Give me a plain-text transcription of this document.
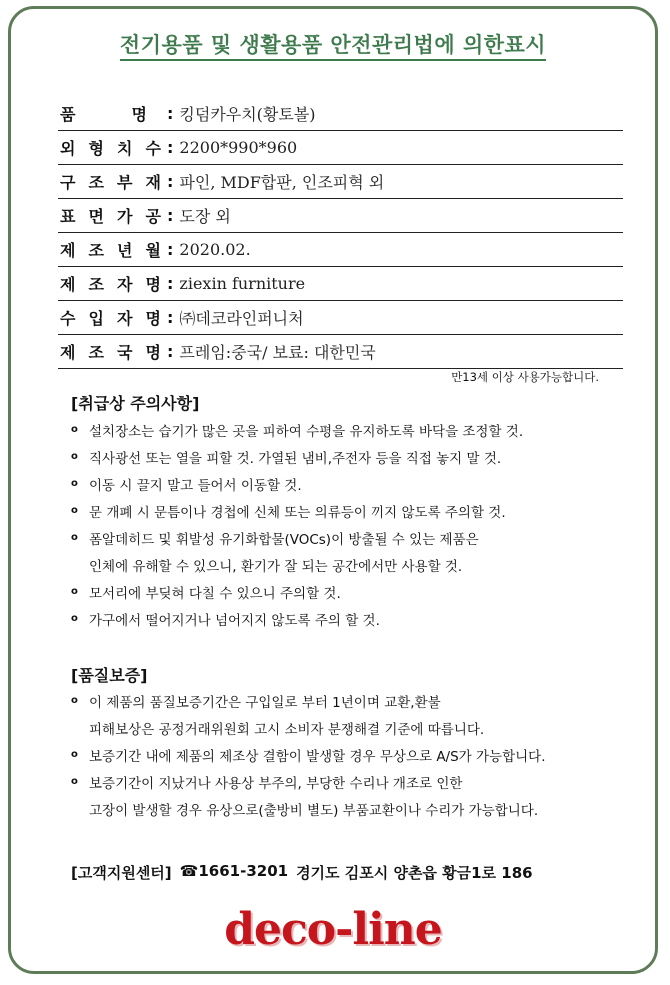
전기용품 및 생활용품 안전관리법에 의한표시
품	명 : 킹덤카우치(황토볼)
외 형 치 수 : 2200*990*960
구 조 부 재 : 파인, MDF합판, 인조피혁 외
표 면 가 공 : 도장 외
제 조 년 월 : 2020.02.
제 조 자 명 : ziexin furniture
수 입 자 명 : ㈜데코라인퍼니처
제 조 국 명 : 프레임:중국/ 보료: 대한민국
만13세 이상 사용가능합니다.
[취급상 주의사항]
o 설치장소는 습기가 많은 곳을 피하여 수평을 유지하도록 바닥을 조정할 것.
o 직사광선 또는 열을 피할 것. 가열된 냄비,주전자 등을 직접 놓지 말 것.
o 이동 시 끌지 말고 들어서 이동할 것.
o 문 개폐 시 문틈이나 경첩에 신체 또는 의류등이 끼지 않도록 주의할 것.
o 폼알데히드 및 휘발성 유기화합물(VOCs)이 방출될 수 있는 제품은
인체에 유해할 수 있으니, 환기가 잘 되는 공간에서만 사용할 것.
o 모서리에 부딪혀 다칠 수 있으니 주의할 것.
o 가구에서 떨어지거나 넘어지지 않도록 주의 할 것.
[품질보증]
o 이 제품의 품질보증기간은 구입일로 부터 1년이며 교환,환불
피해보상은 공정거래위원회 고시 소비자 분쟁해결 기준에 따릅니다.
o 보증기간 내에 제품의 제조상 결함이 발생할 경우 무상으로 A/S가 가능합니다.
o 보증기간이 지났거나 사용상 부주의, 부당한 수리나 개조로 인한
고장이 발생할 경우 유상으로(출방비 별도) 부품교환이나 수리가 가능합니다.
[고객지원센터] ☎1661-3201 경기도 김포시 양촌읍 황금1로 186
deco-line
